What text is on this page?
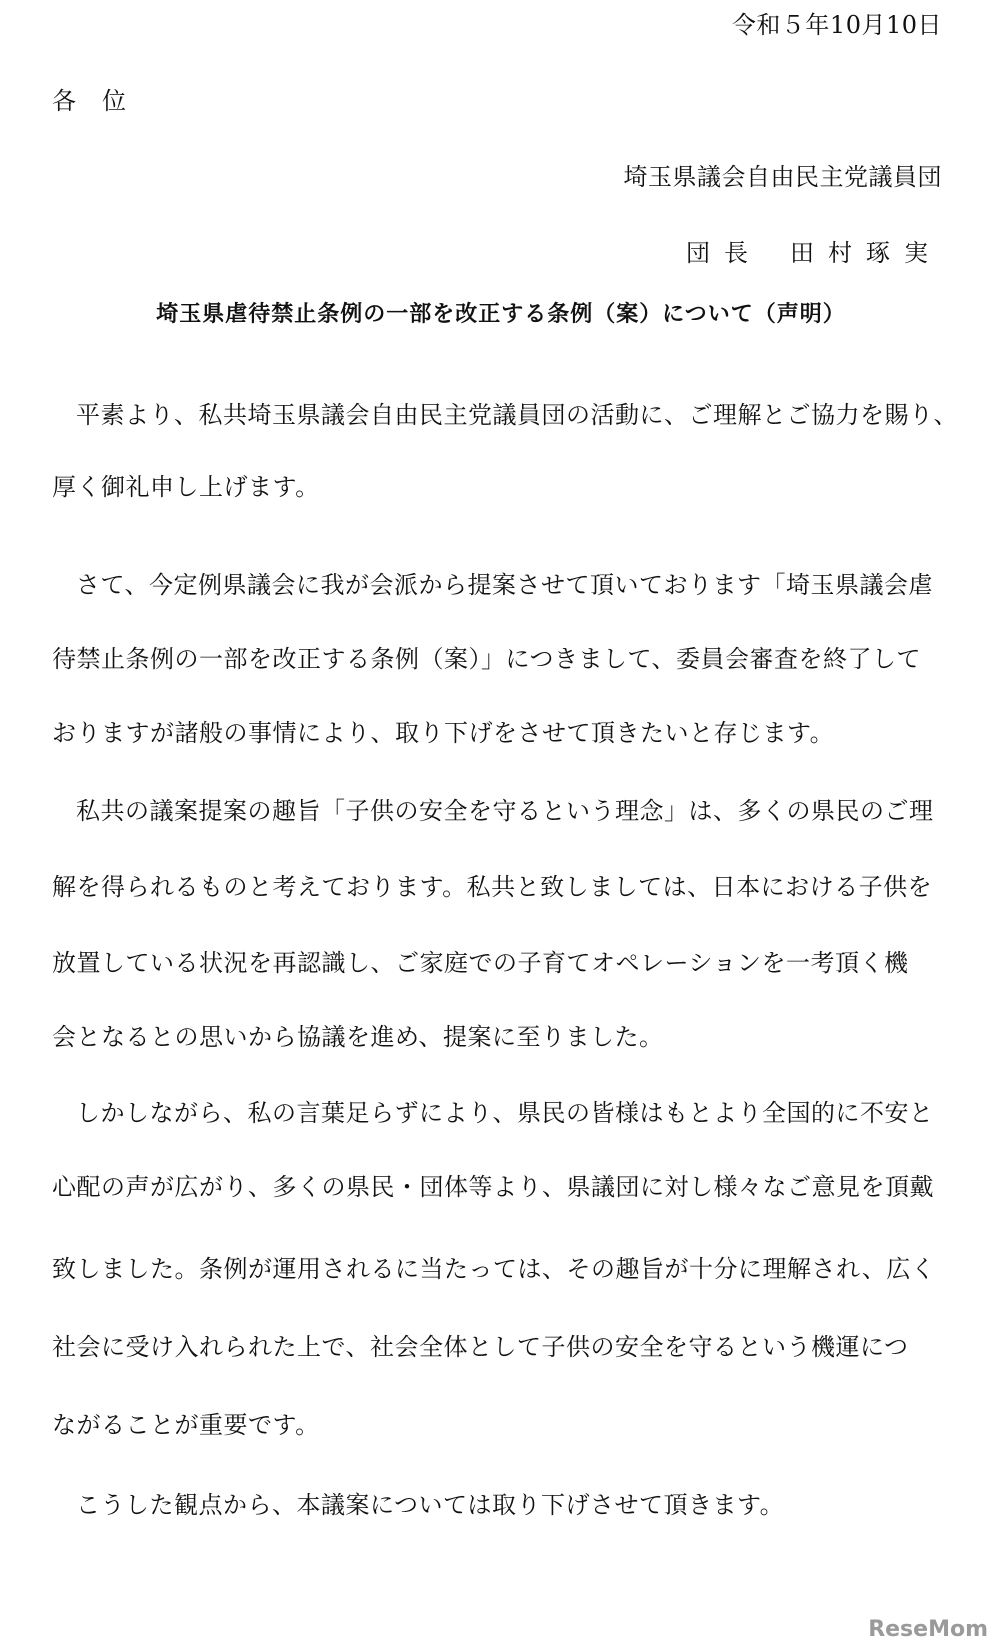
令和５年10月10日
各位
埼玉県議会自由民主党議員団
団長 田村琢実
埼玉県虐待禁止条例の一部を改正する条例（案）について（声明）
平素より、私共埼玉県議会自由民主党議員団の活動に、ご理解とご協力を賜り、
厚く御礼申し上げます。
さて、今定例県議会に我が会派から提案させて頂いております「埼玉県議会虐
待禁止条例の一部を改正する条例（案）」につきまして、委員会審査を終了して
おりますが諸般の事情により、取り下げをさせて頂きたいと存じます。
私共の議案提案の趣旨「子供の安全を守るという理念」は、多くの県民のご理
解を得られるものと考えております。私共と致しましては、日本における子供を
放置している状況を再認識し、ご家庭での子育てオペレーションを一考頂く機
会となるとの思いから協議を進め、提案に至りました。
しかしながら、私の言葉足らずにより、県民の皆様はもとより全国的に不安と
心配の声が広がり、多くの県民・団体等より、県議団に対し様々なご意見を頂戴
致しました。条例が運用されるに当たっては、その趣旨が十分に理解され、広く
社会に受け入れられた上で、社会全体として子供の安全を守るという機運につ
ながることが重要です。
こうした観点から、本議案については取り下げさせて頂きます。
ReseMom
